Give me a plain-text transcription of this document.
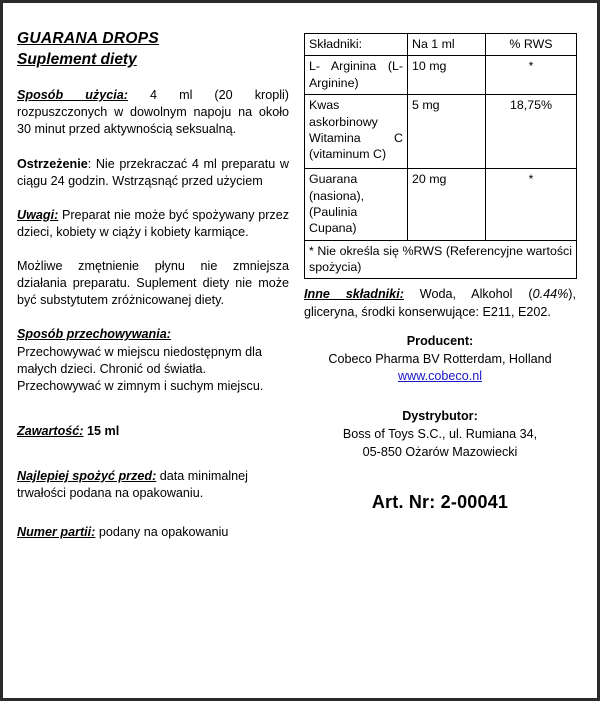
GUARANA DROPS
Suplement diety
Sposób użycia: 4 ml (20 kropli) rozpuszczonych w dowolnym napoju na około 30 minut przed aktywnością seksualną.
Ostrzeżenie: Nie przekraczać 4 ml preparatu w ciągu 24 godzin. Wstrząsnąć przed użyciem
Uwagi: Preparat nie może być spożywany przez dzieci, kobiety w ciąży i kobiety karmiące.
Możliwe zmętnienie płynu nie zmniejsza działania preparatu. Suplement diety nie może być substytutem zróżnicowanej diety.
Sposób przechowywania:
Przechowywać w miejscu niedostępnym dla małych dzieci. Chronić od światła. Przechowywać w zimnym i suchym miejscu.
Zawartość: 15 ml
Najlepiej spożyć przed: data minimalnej trwałości podana na opakowaniu.
Numer partii: podany na opakowaniu
Składniki:	Na 1 ml	% RWS
L- Arginina (L-Arginine)	10 mg	*
Kwas askorbinowy Witamina C (vitaminum C)	5 mg	18,75%
Guarana (nasiona), (Paulinia Cupana)	20 mg	*
* Nie określa się %RWS (Referencyjne wartości spożycia)		
Inne składniki: Woda, Alkohol (0.44%), gliceryna, środki konserwujące: E211, E202.
Producent:
Cobeco Pharma BV Rotterdam, Holland
www.cobeco.nl
Dystrybutor:
Boss of Toys S.C., ul. Rumiana 34,
05-850 Ożarów Mazowiecki
Art. Nr: 2-00041
